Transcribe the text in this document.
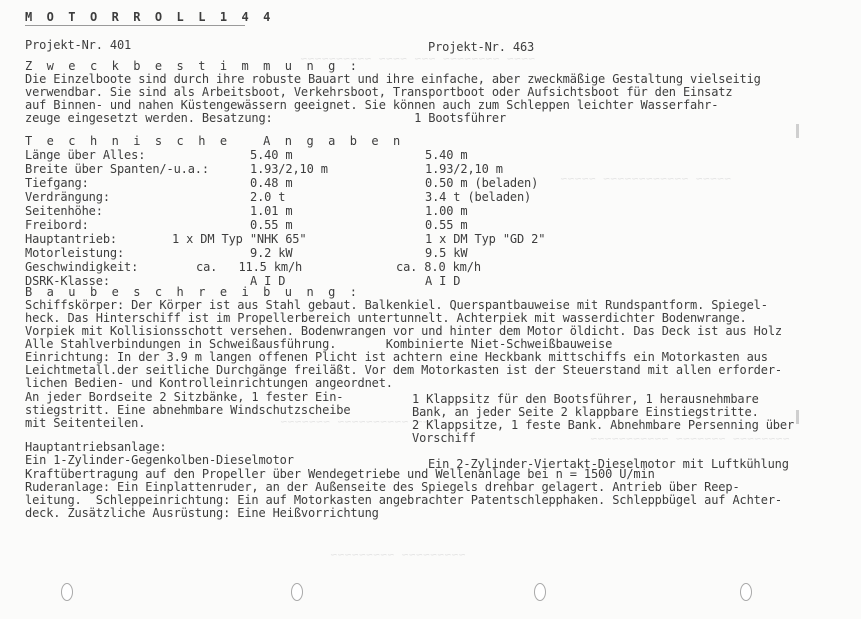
~~~~ ~~~~~~~~ ~~~ ~~~~ ~~~~~~~~~~
~~~~~ ~~~~~~~~~~~~ ~~~~~
~~~ ~~~~~~~~~~ ~~~~~~~
~~~~~~~~ ~~~~~~~ ~~~~~~~~~~~
~~~~~~~~~ ~~~~~~~~~
M O T O R R O L L 1 4 4
Projekt-Nr. 401	Projekt-Nr. 463
Z w e c k b e s t i m m u n g :
Die Einzelboote sind durch ihre robuste Bauart und ihre einfache, aber zweckmäßige Gestaltung vielseitig
verwendbar. Sie sind als Arbeitsboot, Verkehrsboot, Transportboot oder Aufsichtsboot für den Einsatz
auf Binnen- und nahen Küstengewässern geeignet. Sie können auch zum Schleppen leichter Wasserfahr-
zeuge eingesetzt werden. Besatzung:                    1 Bootsführer
T e c h n i s c h e   A n g a b e n
Länge über Alles:	5.40 m	5.40 m
Breite über Spanten/-u.a.:	1.93/2,10 m	1.93/2,10 m
Tiefgang:	0.48 m	0.50 m (beladen)
Verdrängung:	2.0 t	3.4 t (beladen)
Seitenhöhe:	1.01 m	1.00 m
Freibord:	0.55 m	0.55 m
Hauptantrieb:	1 x DM Typ "NHK 65"	1 x DM Typ "GD 2"
Motorleistung:	9.2 kW	9.5 kW
Geschwindigkeit:	ca.   11.5 km/h	ca. 8.0 km/h
DSRK-Klasse:	A I D	A I D
B a u b e s c h r e i b u n g :
Schiffskörper: Der Körper ist aus Stahl gebaut. Balkenkiel. Querspantbauweise mit Rundspantform. Spiegel-
heck. Das Hinterschiff ist im Propellerbereich untertunnelt. Achterpiek mit wasserdichter Bodenwrange.
Vorpiek mit Kollisionsschott versehen. Bodenwrangen vor und hinter dem Motor öldicht. Das Deck ist aus Holz
Alle Stahlverbindungen in Schweißausführung.       Kombinierte Niet-Schweißbauweise
Einrichtung: In der 3.9 m langen offenen Plicht ist achtern eine Heckbank mittschiffs ein Motorkasten aus
Leichtmetall.der seitliche Durchgänge freiläßt. Vor dem Motorkasten ist der Steuerstand mit allen erforder-
lichen Bedien- und Kontrolleinrichtungen angeordnet.
An jeder Bordseite 2 Sitzbänke, 1 fester Ein-
stiegstritt. Eine abnehmbare Windschutzscheibe
mit Seitenteilen.
1 Klappsitz für den Bootsführer, 1 herausnehmbare
Bank, an jeder Seite 2 klappbare Einstiegstritte.
2 Klappsitze, 1 feste Bank. Abnehmbare Persenning über
Vorschiff
Hauptantriebsanlage:
Ein 1-Zylinder-Gegenkolben-Dieselmotor	Ein 2-Zylinder-Viertakt-Dieselmotor mit Luftkühlung
Kraftübertragung auf den Propeller über Wendegetriebe und Wellenanlage bei n = 1500 U/min
Ruderanlage: Ein Einplattenruder, an der Außenseite des Spiegels drehbar gelagert. Antrieb über Reep-
leitung.  Schleppeinrichtung: Ein auf Motorkasten angebrachter Patentschlepphaken. Schleppbügel auf Achter-
deck. Zusätzliche Ausrüstung: Eine Heißvorrichtung
